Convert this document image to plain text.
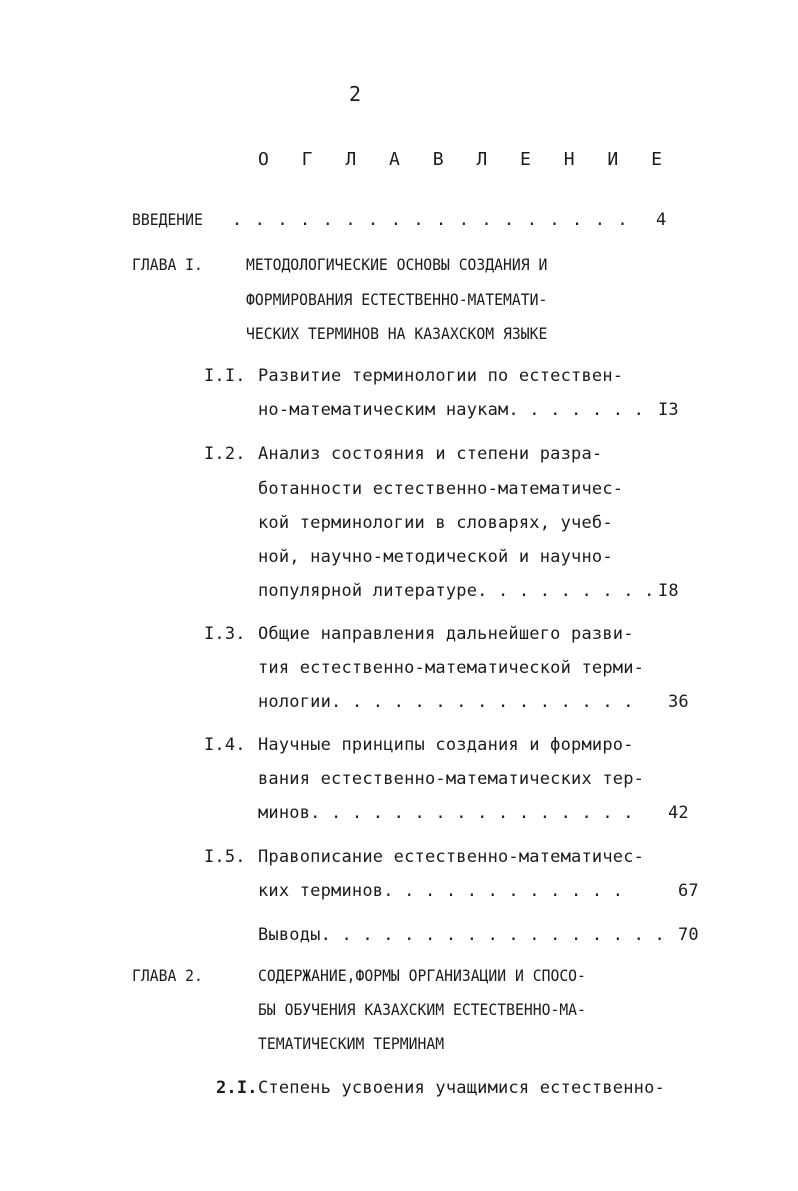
2
О Г Л А В Л Е Н И Е
ВВЕДЕНИЕ . . . . . . . . . . . . . . . . . . 4
ГЛАВА I.	МЕТОДОЛОГИЧЕСКИЕ ОСНОВЫ СОЗДАНИЯ И
ФОРМИРОВАНИЯ ЕСТЕСТВЕННО-МАТЕМАТИ-
ЧЕСКИХ ТЕРМИНОВ НА КАЗАХСКОМ ЯЗЫКЕ
I.I. Развитие терминологии по естествен-
но-математическим наукам. . . . . . . I3
I.2. Анализ состояния и степени разра-
ботанности естественно-математичес-
кой терминологии в словарях, учеб-
ной, научно-методической и научно-
популярной литературе. . . . . . . . . I8
I.3. Общие направления дальнейшего разви-
тия естественно-математической терми-
нологии. . . . . . . . . . . . . . . 36
I.4. Научные принципы создания и формиро-
вания естественно-математических тер-
минов. . . . . . . . . . . . . . . . 42
I.5. Правописание естественно-математичес-
ких терминов. . . . . . . . . . . .	67
Выводы. . . . . . . . . . . . . . . . . 70
ГЛАВА 2.	СОДЕРЖАНИЕ,ФОРМЫ ОРГАНИЗАЦИИ И СПОСО-
БЫ ОБУЧЕНИЯ КАЗАХСКИМ ЕСТЕСТВЕННО-МА-
ТЕМАТИЧЕСКИМ ТЕРМИНАМ
2.I. Степень усвоения учащимися естественно-
